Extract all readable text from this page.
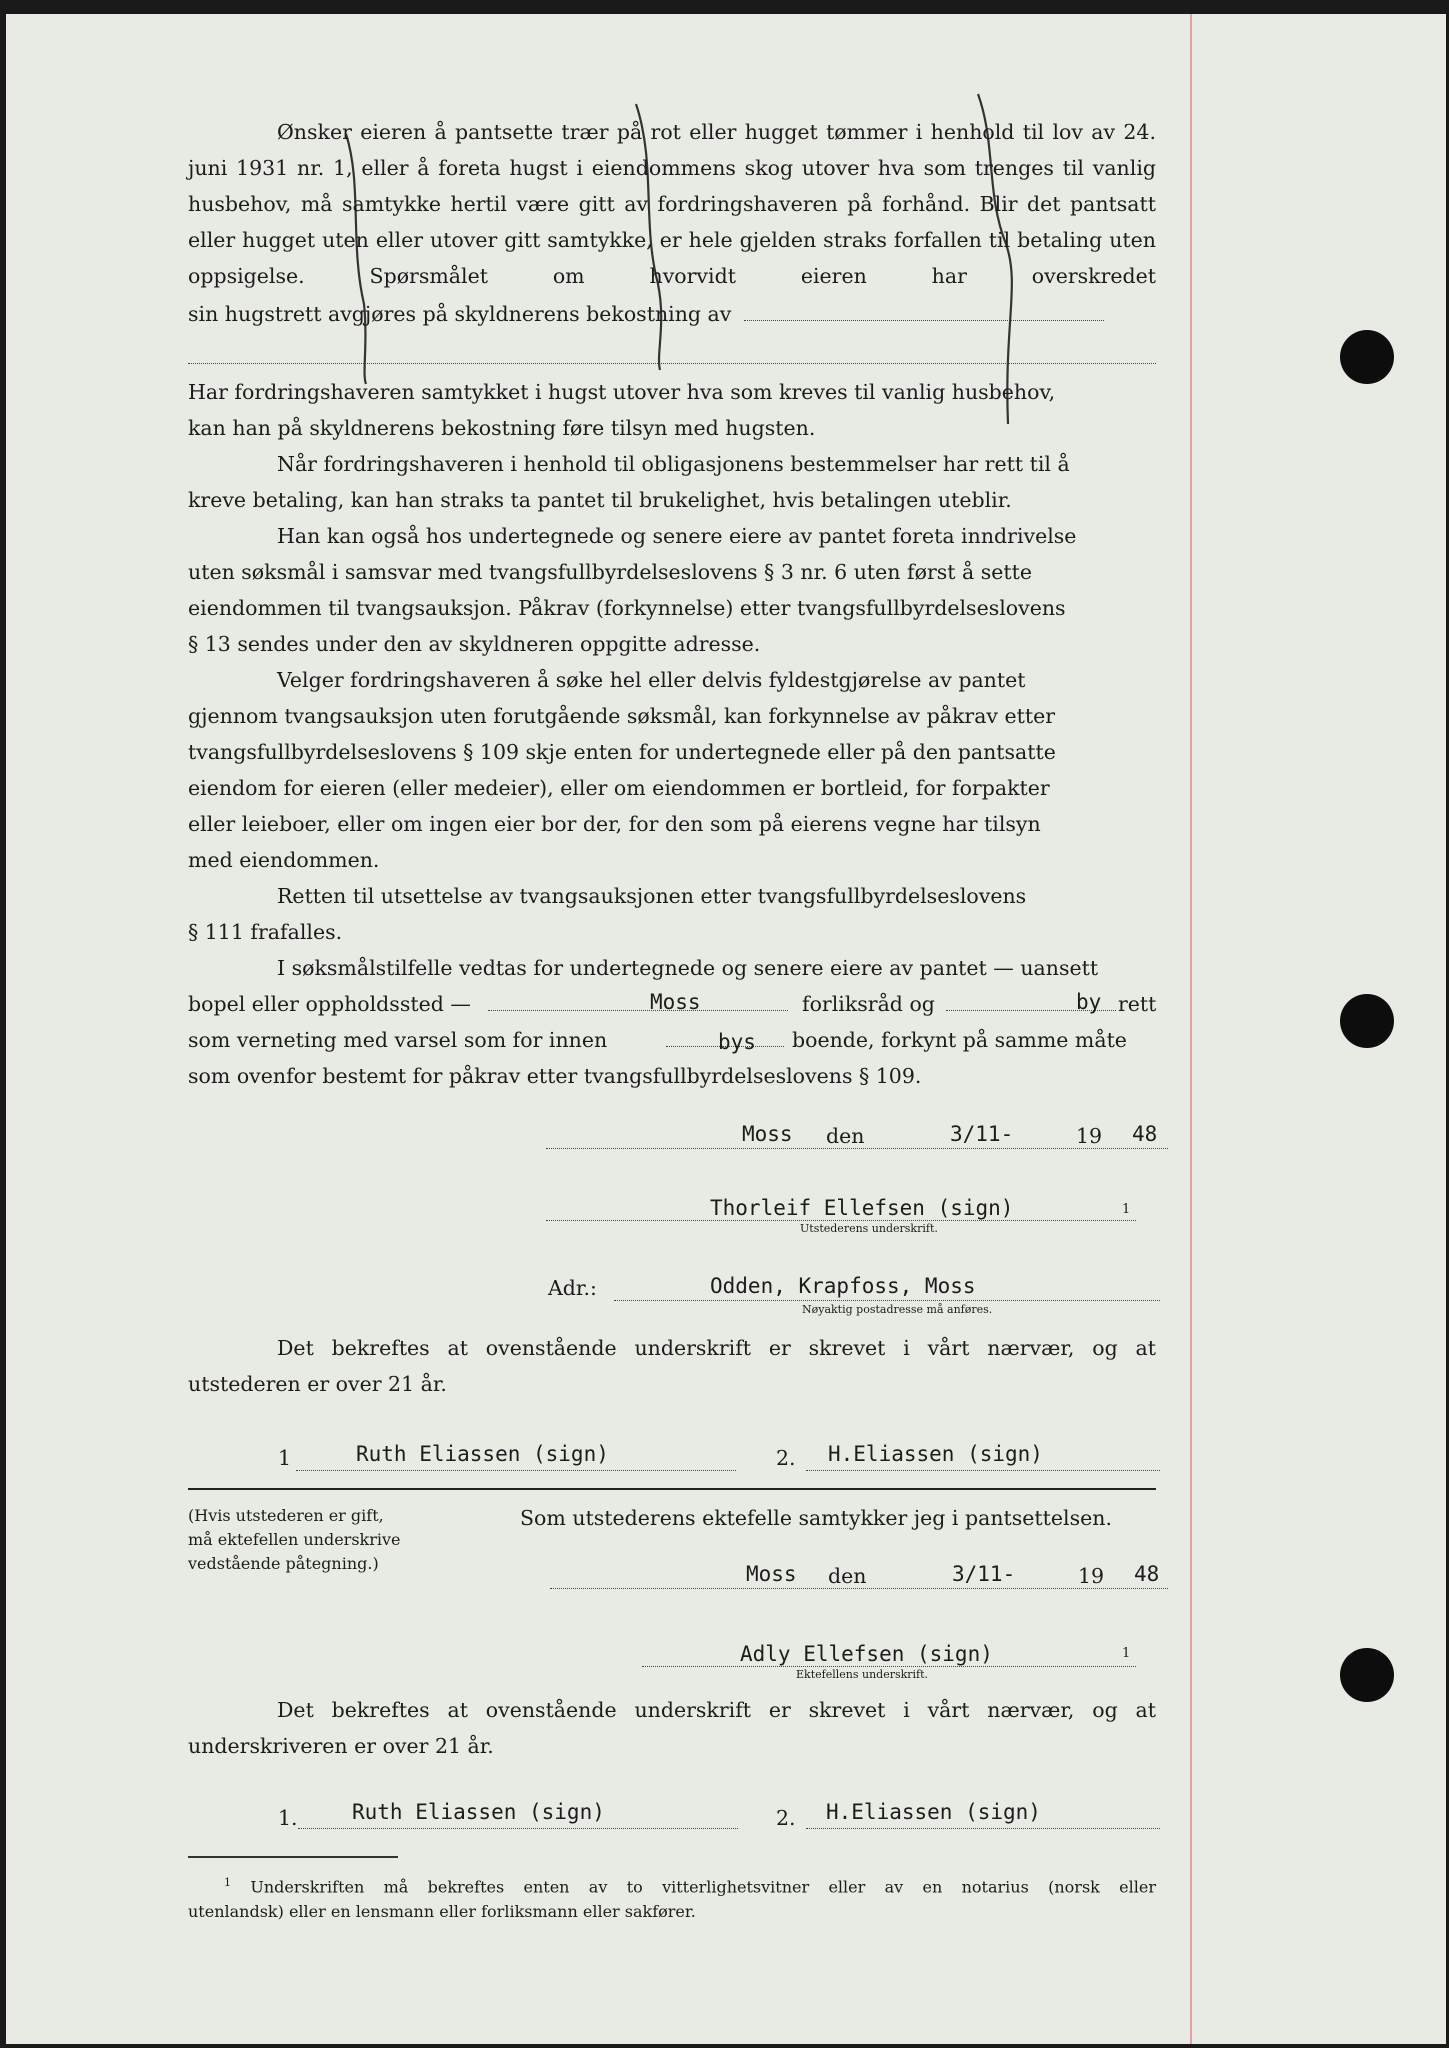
Ønsker eieren å pantsette trær på rot eller hugget tømmer i henhold til lov av 24. juni 1931 nr. 1, eller å foreta hugst i eiendommens skog utover hva som trenges til vanlig husbehov, må samtykke hertil være gitt av fordringshaveren på forhånd. Blir det pantsatt eller hugget uten eller utover gitt samtykke, er hele gjelden straks forfallen til betaling uten oppsigelse. Spørsmålet om hvorvidt eieren har overskredet

sin hugstrett avgjøres på skyldnerens bekostning av

Har fordringshaveren samtykket i hugst utover hva som kreves til vanlig husbehov,
kan han på skyldnerens bekostning føre tilsyn med hugsten.

Når fordringshaveren i henhold til obligasjonens bestemmelser har rett til å
kreve betaling, kan han straks ta pantet til brukelighet, hvis betalingen uteblir.

Han kan også hos undertegnede og senere eiere av pantet foreta inndrivelse
uten søksmål i samsvar med tvangsfullbyrdelseslovens § 3 nr. 6 uten først å sette
eiendommen til tvangsauksjon. Påkrav (forkynnelse) etter tvangsfullbyrdelseslovens
§ 13 sendes under den av skyldneren oppgitte adresse.

Velger fordringshaveren å søke hel eller delvis fyldestgjørelse av pantet
gjennom tvangsauksjon uten forutgående søksmål, kan forkynnelse av påkrav etter
tvangsfullbyrdelseslovens § 109 skje enten for undertegnede eller på den pantsatte
eiendom for eieren (eller medeier), eller om eiendommen er bortleid, for forpakter
eller leieboer, eller om ingen eier bor der, for den som på eierens vegne har tilsyn
med eiendommen.

Retten til utsettelse av tvangsauksjonen etter tvangsfullbyrdelseslovens
§ 111 frafalles.

I søksmålstilfelle vedtas for undertegnede og senere eiere av pantet — uansett

bopel eller oppholdssted —	Moss	forliksråd og	by rett
som verneting med varsel som for innen	bys boende, forkynt på samme måte

som ovenfor bestemt for påkrav etter tvangsfullbyrdelseslovens § 109.

Moss den	3/11-	19 48
Thorleif Ellefsen (sign)	1
Utstederens underskrift.
Adr.:	Odden, Krapfoss, Moss
Nøyaktig postadresse må anføres.
Det bekreftes at ovenstående underskrift er skrevet i vårt nærvær, og at
utstederen er over 21 år.
1	Ruth Eliassen (sign)	2. H.Eliassen (sign)
(Hvis utstederen er gift,
må ektefellen underskrive
vedstående påtegning.)
Som utstederens ektefelle samtykker jeg i pantsettelsen.
Moss den	3/11-	19 48
Adly Ellefsen (sign)	1
Ektefellens underskrift.
Det bekreftes at ovenstående underskrift er skrevet i vårt nærvær, og at
underskriveren er over 21 år.
1.	Ruth Eliassen (sign)	2. H.Eliassen (sign)
$^1$ Underskriften må bekreftes enten av to vitterlighetsvitner eller av en notarius (norsk eller
utenlandsk) eller en lensmann eller forliksmann eller sakfører.
